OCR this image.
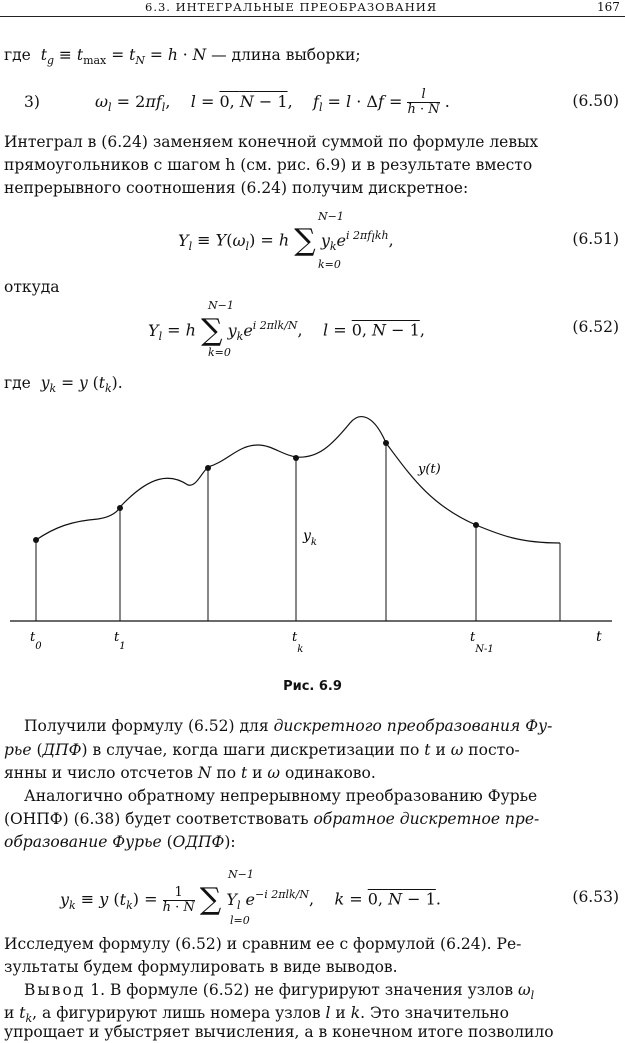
6.3. ИНТЕГРАЛЬНЫЕ ПРЕОБРАЗОВАНИЯ	167
где  $t_g \equiv t_{max} = t_N = h \cdot N$ — длина выборки;
3)	$\omega_l = 2\pi f_l$,    l = 0, N − 1,    $f_l = l \cdot \Delta f = \frac{l}{h \cdot N}$ .	(6.50)
Интеграл в (6.24) заменяем конечной суммой по формуле левых
прямоугольников с шагом h (см. рис. 6.9) и в результате вместо
непрерывного соотношения (6.24) получим дискретное:
$Y_l \equiv Y(\omega_l) = h$ ∑ $y_ke^{i 2\pi f_lkh}$,
N−1
k=0
(6.51)
откуда
$Y_l = h$ ∑ $y_ke^{i 2\pi lk/N}$,    l = 0, N − 1,
N−1
k=0
(6.52)
где  $y_k = y$ $(t_k)$.
y(t)
$y_k$
$t_0$
$t_1$
$t_k$
$t_{N-1}$
t
Рис. 6.9
Получили формулу (6.52) для дискретного преобразования Фу-
рье (ДПФ) в случае, когда шаги дискретизации по t и ω посто-
янны и число отсчетов N по t и ω одинаково.
Аналогично обратному непрерывному преобразованию Фурье
(ОНПФ) (6.38) будет соответствовать обратное дискретное пре-
образование Фурье (ОДПФ):
$y_k \equiv y$ $(t_k) = \frac{1}{h \cdot N}$ ∑ $Y_l$ $e^{-i 2\pi lk/N}$,    k = 0, N − 1.
N−1
l=0
(6.53)
Исследуем формулу (6.52) и сравним ее с формулой (6.24). Ре-
зультаты будем формулировать в виде выводов.
Вывод 1. В формуле (6.52) не фигурируют значения узлов $\omega_l$
и $t_k$, а фигурируют лишь номера узлов l и k. Это значительно
упрощает и убыстряет вычисления, а в конечном итоге позволило
